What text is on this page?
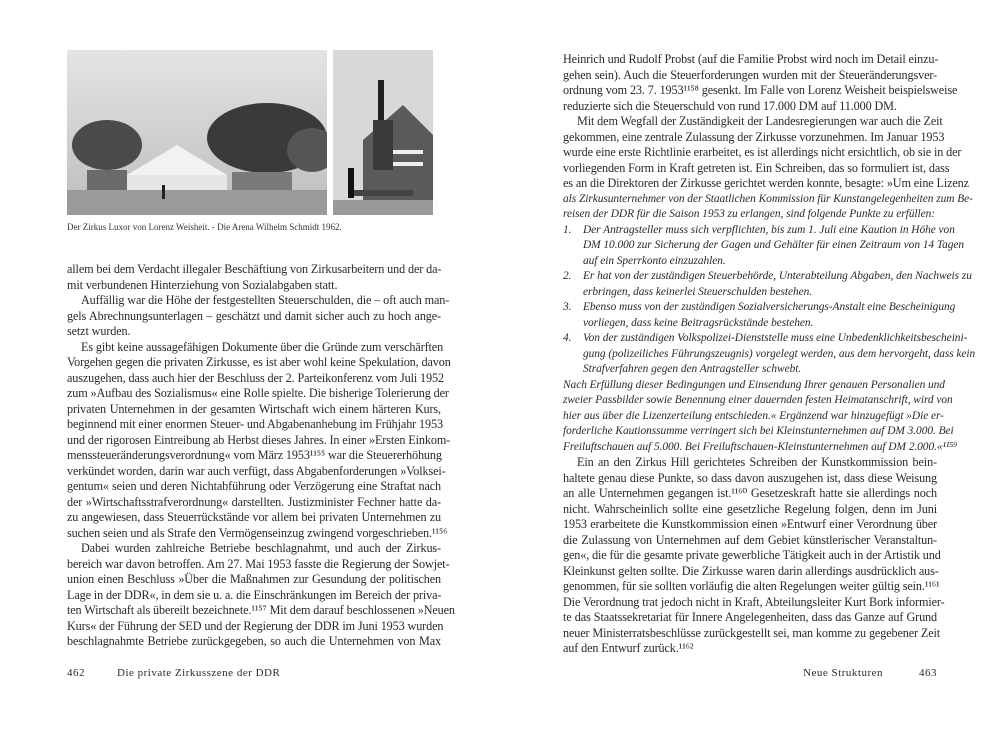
Der Zirkus Luxor von Lorenz Weisheit. - Die Arena Wilhelm Schmidt 1962.
allem bei dem Verdacht illegaler Beschäftiung von Zirkusarbeitern und der da-
mit verbundenen Hinterziehung von Sozialabgaben statt.
Auffällig war die Höhe der festgestellten Steuerschulden, die – oft auch man-
gels Abrechnungsunterlagen – geschätzt und damit sicher auch zu hoch ange-
setzt wurden.
Es gibt keine aussagefähigen Dokumente über die Gründe zum verschärften
Vorgehen gegen die privaten Zirkusse, es ist aber wohl keine Spekulation, davon
auszugehen, dass auch hier der Beschluss der 2. Parteikonferenz vom Juli 1952
zum »Aufbau des Sozialismus« eine Rolle spielte. Die bisherige Tolerierung der
privaten Unternehmen in der gesamten Wirtschaft wich einem härteren Kurs,
beginnend mit einer enormen Steuer- und Abgabenanhebung im Frühjahr 1953
und der rigorosen Eintreibung ab Herbst dieses Jahres. In einer »Ersten Einkom-
menssteueränderungsverordnung« vom März 1953¹¹⁵⁵ war die Steuererhöhung
verkündet worden, darin war auch verfügt, dass Abgabenforderungen »Volksei-
gentum« seien und deren Nichtabführung oder Verzögerung eine Straftat nach
der »Wirtschaftsstrafverordnung« darstellten. Justizminister Fechner hatte da-
zu angewiesen, dass Steuerrückstände vor allem bei privaten Unternehmen zu
suchen seien und als Strafe den Vermögenseinzug zwingend vorgeschrieben.¹¹⁵⁶
Dabei wurden zahlreiche Betriebe beschlagnahmt, und auch der Zirkus-
bereich war davon betroffen. Am 27. Mai 1953 fasste die Regierung der Sowjet-
union einen Beschluss »Über die Maßnahmen zur Gesundung der politischen
Lage in der DDR«, in dem sie u. a. die Einschränkungen im Bereich der priva-
ten Wirtschaft als übereilt bezeichnete.¹¹⁵⁷ Mit dem darauf beschlossenen »Neuen
Kurs« der Führung der SED und der Regierung der DDR im Juni 1953 wurden
beschlagnahmte Betriebe zurückgegeben, so auch die Unternehmen von Max
462	Die private Zirkusszene der DDR
Heinrich und Rudolf Probst (auf die Familie Probst wird noch im Detail einzu-
gehen sein). Auch die Steuerforderungen wurden mit der Steueränderungsver-
ordnung vom 23. 7. 1953¹¹⁵⁸ gesenkt. Im Falle von Lorenz Weisheit beispielsweise
reduzierte sich die Steuerschuld von rund 17.000 DM auf 11.000 DM.
Mit dem Wegfall der Zuständigkeit der Landesregierungen war auch die Zeit
gekommen, eine zentrale Zulassung der Zirkusse vorzunehmen. Im Januar 1953
wurde eine erste Richtlinie erarbeitet, es ist allerdings nicht ersichtlich, ob sie in der
vorliegenden Form in Kraft getreten ist. Ein Schreiben, das so formuliert ist, dass
es an die Direktoren der Zirkusse gerichtet werden konnte, besagte: »Um eine Lizenz
als Zirkusunternehmer von der Staatlichen Kommission für Kunstangelegenheiten zum Be-
reisen der DDR für die Saison 1953 zu erlangen, sind folgende Punkte zu erfüllen:
1. Der Antragsteller muss sich verpflichten, bis zum 1. Juli eine Kaution in Höhe von
DM 10.000 zur Sicherung der Gagen und Gehälter für einen Zeitraum von 14 Tagen
auf ein Sperrkonto einzuzahlen.
2. Er hat von der zuständigen Steuerbehörde, Unterabteilung Abgaben, den Nachweis zu
erbringen, dass keinerlei Steuerschulden bestehen.
3. Ebenso muss von der zuständigen Sozialversicherungs-Anstalt eine Bescheinigung
vorliegen, dass keine Beitragsrückstände bestehen.
4. Von der zuständigen Volkspolizei-Dienststelle muss eine Unbedenklichkeitsbescheini-
gung (polizeiliches Führungszeugnis) vorgelegt werden, aus dem hervorgeht, dass kein
Strafverfahren gegen den Antragsteller schwebt.
Nach Erfüllung dieser Bedingungen und Einsendung Ihrer genauen Personalien und
zweier Passbilder sowie Benennung einer dauernden festen Heimatanschrift, wird von
hier aus über die Lizenzerteilung entschieden.« Ergänzend war hinzugefügt »Die er-
forderliche Kautionssumme verringert sich bei Kleinstunternehmen auf DM 3.000. Bei
Freiluftschauen auf 5.000. Bei Freiluftschauen-Kleinstunternehmen auf DM 2.000.«¹¹⁵⁹
Ein an den Zirkus Hill gerichtetes Schreiben der Kunstkommission bein-
haltete genau diese Punkte, so dass davon auszugehen ist, dass diese Weisung
an alle Unternehmen gegangen ist.¹¹⁶⁰ Gesetzeskraft hatte sie allerdings noch
nicht. Wahrscheinlich sollte eine gesetzliche Regelung folgen, denn im Juni
1953 erarbeitete die Kunstkommission einen »Entwurf einer Verordnung über
die Zulassung von Unternehmen auf dem Gebiet künstlerischer Veranstaltun-
gen«, die für die gesamte private gewerbliche Tätigkeit auch in der Artistik und
Kleinkunst gelten sollte. Die Zirkusse waren darin allerdings ausdrücklich aus-
genommen, für sie sollten vorläufig die alten Regelungen weiter gültig sein.¹¹⁶¹
Die Verordnung trat jedoch nicht in Kraft, Abteilungsleiter Kurt Bork informier-
te das Staatssekretariat für Innere Angelegenheiten, dass das Ganze auf Grund
neuer Ministerratsbeschlüsse zurückgestellt sei, man komme zu gegebener Zeit
auf den Entwurf zurück.¹¹⁶²
Neue Strukturen	463
